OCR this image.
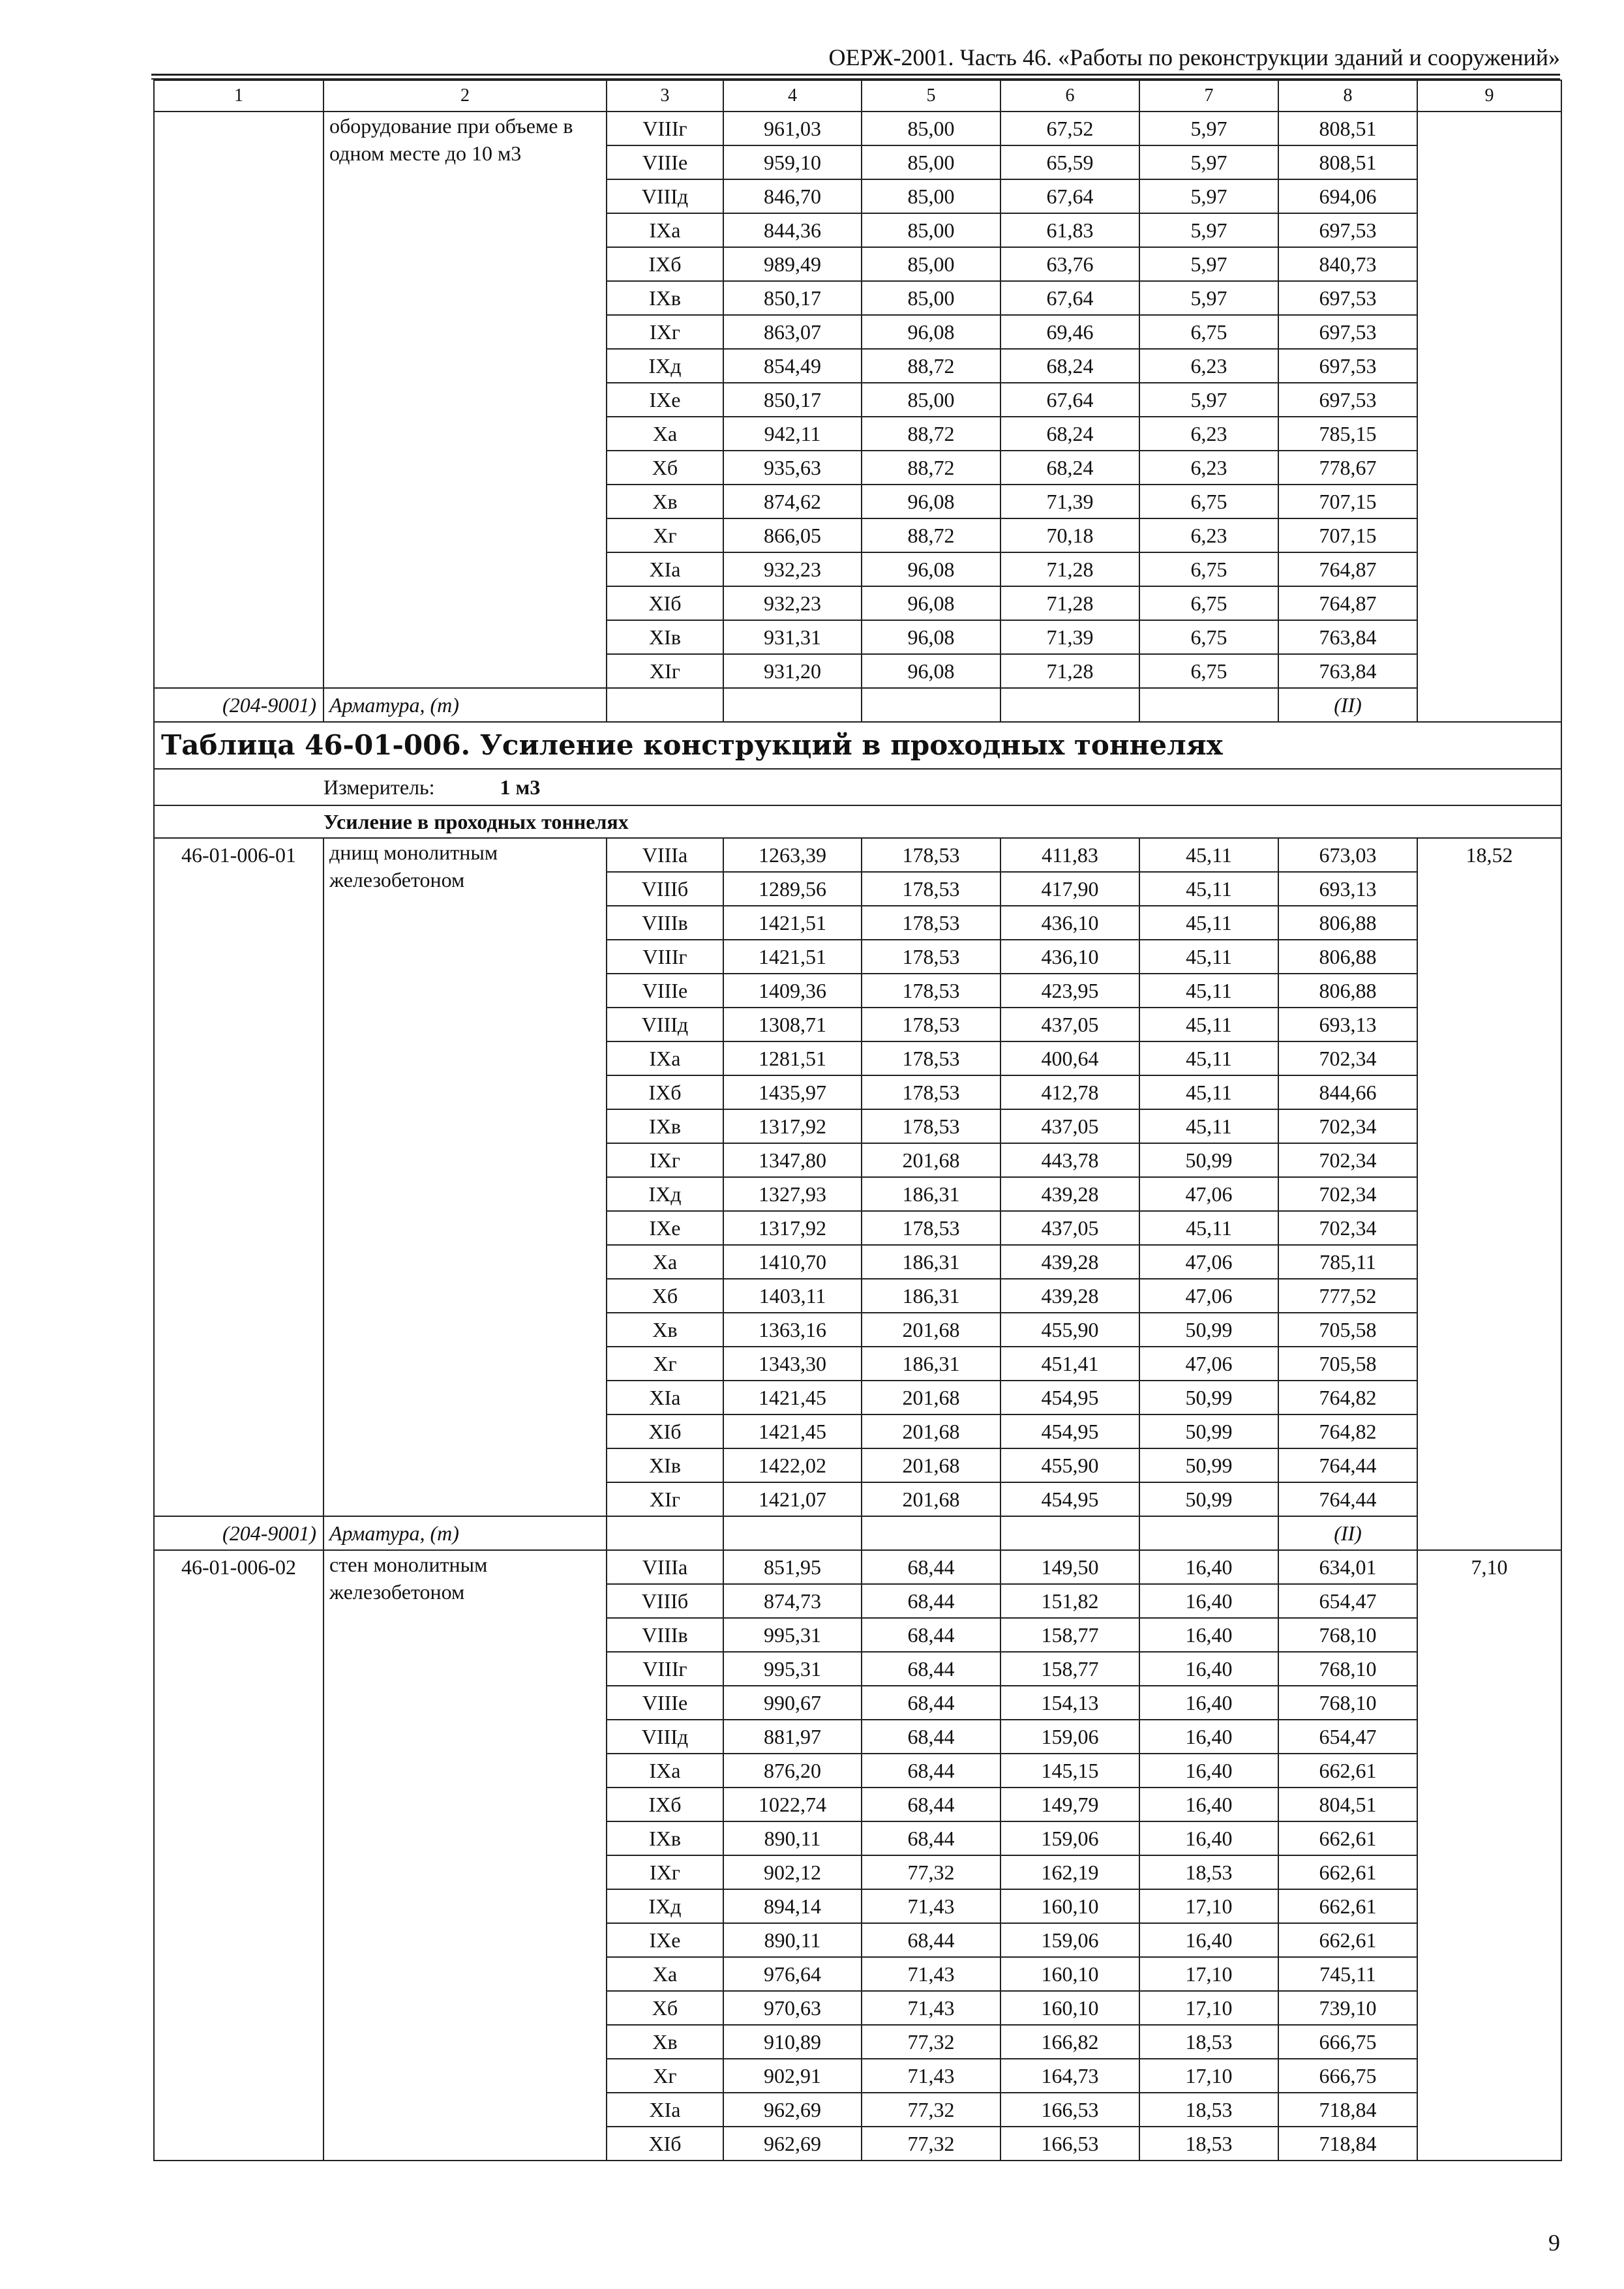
ОЕРЖ-2001. Часть 46. «Работы по реконструкции зданий и сооружений»
1	2	3	4	5	6	7	8	9
	оборудование при объеме в одном месте до 10 м3	VIIIг	961,03	85,00	67,52	5,97	808,51	
		VIIIе	959,10	85,00	65,59	5,97	808,51	
		VIIIд	846,70	85,00	67,64	5,97	694,06	
		IXа	844,36	85,00	61,83	5,97	697,53	
		IXб	989,49	85,00	63,76	5,97	840,73	
		IXв	850,17	85,00	67,64	5,97	697,53	
		IXг	863,07	96,08	69,46	6,75	697,53	
		IXд	854,49	88,72	68,24	6,23	697,53	
		IXе	850,17	85,00	67,64	5,97	697,53	
		Xа	942,11	88,72	68,24	6,23	785,15	
		Xб	935,63	88,72	68,24	6,23	778,67	
		Xв	874,62	96,08	71,39	6,75	707,15	
		Xг	866,05	88,72	70,18	6,23	707,15	
		XIа	932,23	96,08	71,28	6,75	764,87	
		XIб	932,23	96,08	71,28	6,75	764,87	
		XIв	931,31	96,08	71,39	6,75	763,84	
		XIг	931,20	96,08	71,28	6,75	763,84	
(204-9001)	Арматура, (т)						(II)	
Таблица 46-01-006. Усиление конструкций в проходных тоннелях								
	Измеритель: 1 м3							
	Усиление в проходных тоннелях							
46-01-006-01	днищ монолитным железобетоном	VIIIа	1263,39	178,53	411,83	45,11	673,03	18,52
		VIIIб	1289,56	178,53	417,90	45,11	693,13	
		VIIIв	1421,51	178,53	436,10	45,11	806,88	
		VIIIг	1421,51	178,53	436,10	45,11	806,88	
		VIIIе	1409,36	178,53	423,95	45,11	806,88	
		VIIIд	1308,71	178,53	437,05	45,11	693,13	
		IXа	1281,51	178,53	400,64	45,11	702,34	
		IXб	1435,97	178,53	412,78	45,11	844,66	
		IXв	1317,92	178,53	437,05	45,11	702,34	
		IXг	1347,80	201,68	443,78	50,99	702,34	
		IXд	1327,93	186,31	439,28	47,06	702,34	
		IXе	1317,92	178,53	437,05	45,11	702,34	
		Xа	1410,70	186,31	439,28	47,06	785,11	
		Xб	1403,11	186,31	439,28	47,06	777,52	
		Xв	1363,16	201,68	455,90	50,99	705,58	
		Xг	1343,30	186,31	451,41	47,06	705,58	
		XIа	1421,45	201,68	454,95	50,99	764,82	
		XIб	1421,45	201,68	454,95	50,99	764,82	
		XIв	1422,02	201,68	455,90	50,99	764,44	
		XIг	1421,07	201,68	454,95	50,99	764,44	
(204-9001)	Арматура, (т)						(II)	
46-01-006-02	стен монолитным железобетоном	VIIIа	851,95	68,44	149,50	16,40	634,01	7,10
		VIIIб	874,73	68,44	151,82	16,40	654,47	
		VIIIв	995,31	68,44	158,77	16,40	768,10	
		VIIIг	995,31	68,44	158,77	16,40	768,10	
		VIIIе	990,67	68,44	154,13	16,40	768,10	
		VIIIд	881,97	68,44	159,06	16,40	654,47	
		IXа	876,20	68,44	145,15	16,40	662,61	
		IXб	1022,74	68,44	149,79	16,40	804,51	
		IXв	890,11	68,44	159,06	16,40	662,61	
		IXг	902,12	77,32	162,19	18,53	662,61	
		IXд	894,14	71,43	160,10	17,10	662,61	
		IXе	890,11	68,44	159,06	16,40	662,61	
		Xа	976,64	71,43	160,10	17,10	745,11	
		Xб	970,63	71,43	160,10	17,10	739,10	
		Xв	910,89	77,32	166,82	18,53	666,75	
		Xг	902,91	71,43	164,73	17,10	666,75	
		XIа	962,69	77,32	166,53	18,53	718,84	
		XIб	962,69	77,32	166,53	18,53	718,84	
9
